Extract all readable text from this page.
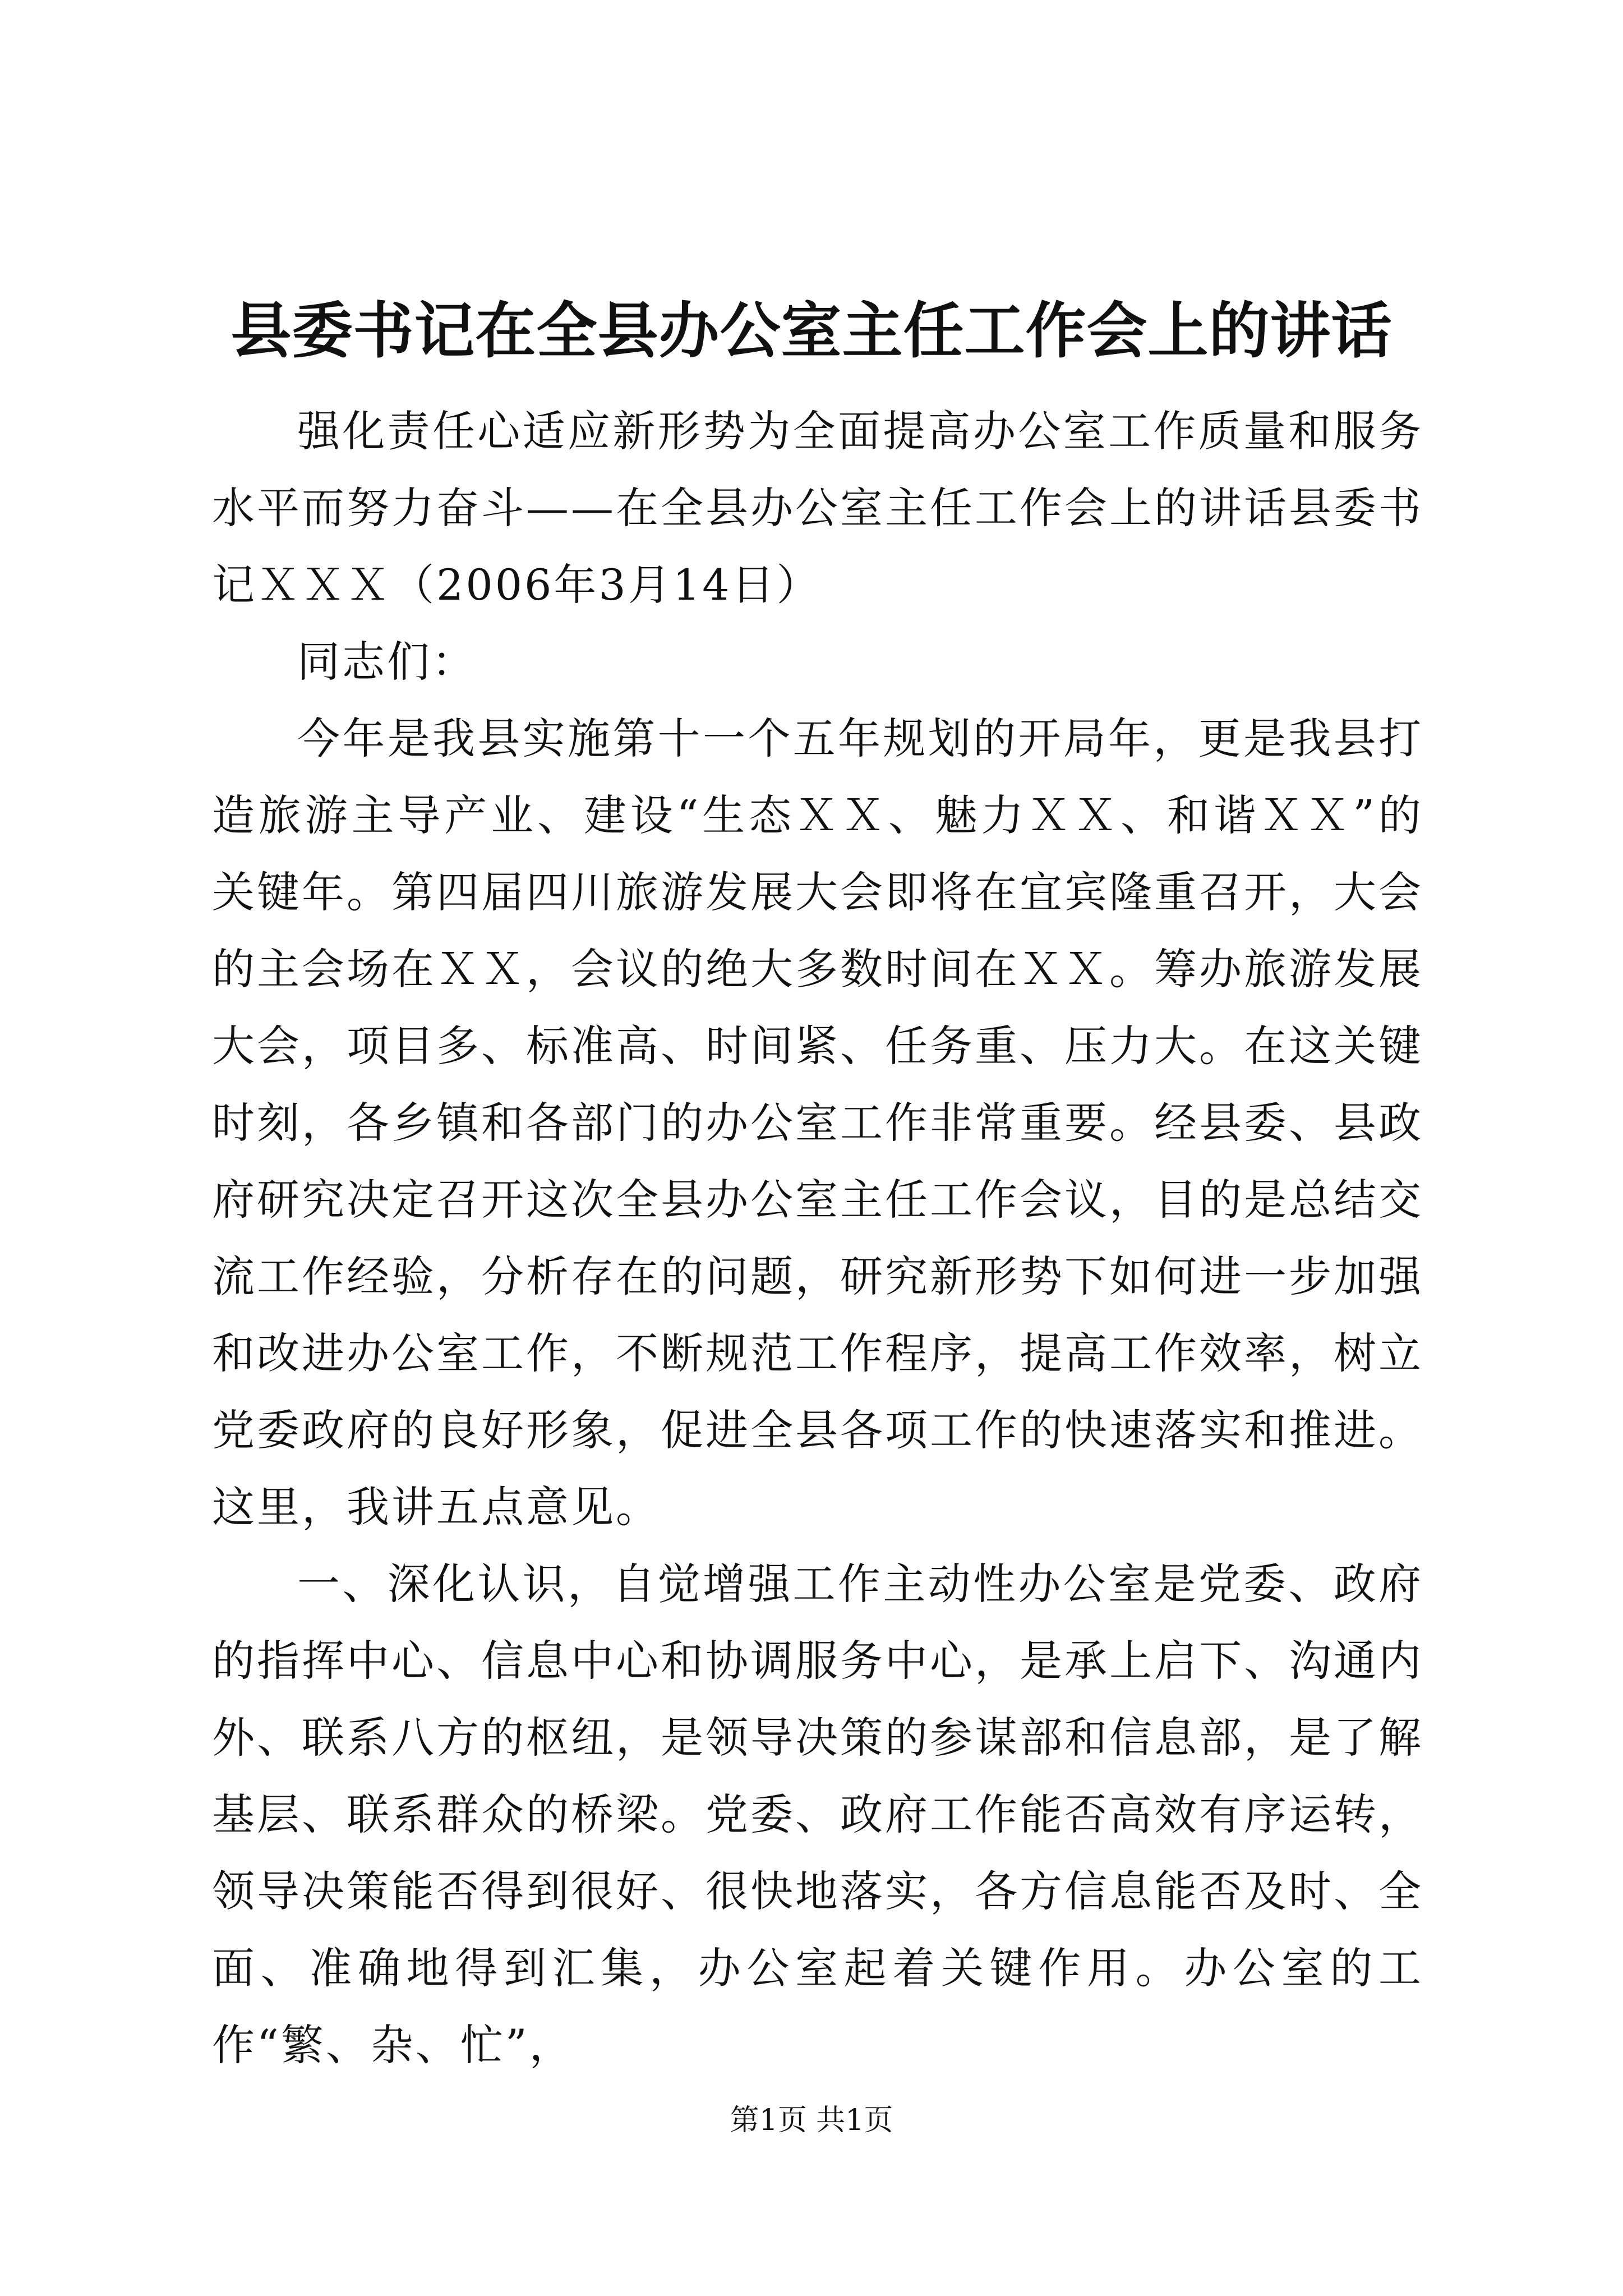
县委书记在全县办公室主任工作会上的讲话

强化责任心适应新形势为全面提高办公室工作质量和服务水平而努力奋斗——在全县办公室主任工作会上的讲话县委书记ＸＸＸ（2006年3月14日）

同志们：

今年是我县实施第十一个五年规划的开局年，更是我县打造旅游主导产业、建设“生态ＸＸ、魅力ＸＸ、和谐ＸＸ”的关键年。第四届四川旅游发展大会即将在宜宾隆重召开，大会的主会场在ＸＸ，会议的绝大多数时间在ＸＸ。筹办旅游发展大会，项目多、标准高、时间紧、任务重、压力大。在这关键时刻，各乡镇和各部门的办公室工作非常重要。经县委、县政府研究决定召开这次全县办公室主任工作会议，目的是总结交流工作经验，分析存在的问题，研究新形势下如何进一步加强和改进办公室工作，不断规范工作程序，提高工作效率，树立党委政府的良好形象，促进全县各项工作的快速落实和推进。这里，我讲五点意见。

一、深化认识，自觉增强工作主动性办公室是党委、政府的指挥中心、信息中心和协调服务中心，是承上启下、沟通内外、联系八方的枢纽，是领导决策的参谋部和信息部，是了解基层、联系群众的桥梁。党委、政府工作能否高效有序运转，领导决策能否得到很好、很快地落实，各方信息能否及时、全面、准确地得到汇集，办公室起着关键作用。办公室的工作“繁、杂、忙”，

第1页 共1页
